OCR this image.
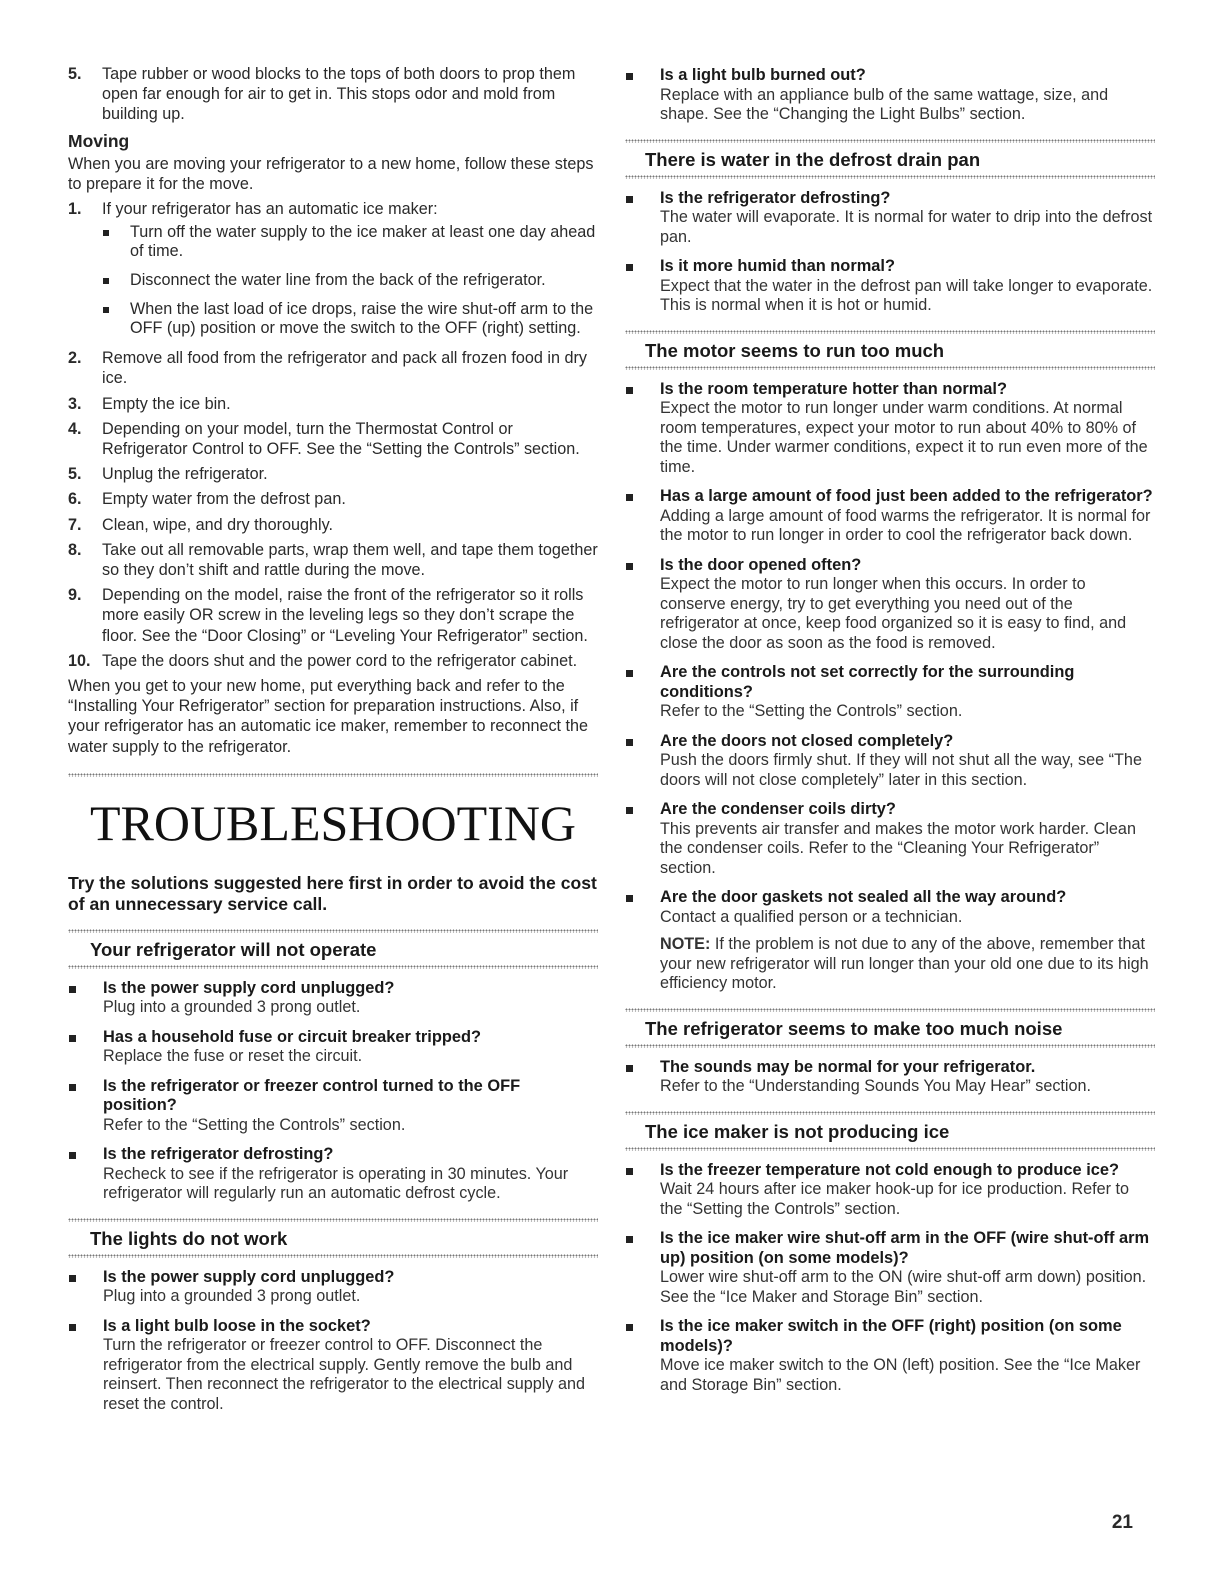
5. Tape rubber or wood blocks to the tops of both doors to prop them open far enough for air to get in. This stops odor and mold from building up.
Moving

When you are moving your refrigerator to a new home, follow these steps to prepare it for the move.

1. If your refrigerator has an automatic ice maker:
Turn off the water supply to the ice maker at least one day ahead of time.
Disconnect the water line from the back of the refrigerator.
When the last load of ice drops, raise the wire shut-off arm to the OFF (up) position or move the switch to the OFF (right) setting.
2. Remove all food from the refrigerator and pack all frozen food in dry ice.
3. Empty the ice bin.
4. Depending on your model, turn the Thermostat Control or Refrigerator Control to OFF. See the “Setting the Controls” section.
5. Unplug the refrigerator.
6. Empty water from the defrost pan.
7. Clean, wipe, and dry thoroughly.
8. Take out all removable parts, wrap them well, and tape them together so they don’t shift and rattle during the move.
9. Depending on the model, raise the front of the refrigerator so it rolls more easily OR screw in the leveling legs so they don’t scrape the floor. See the “Door Closing” or “Leveling Your Refrigerator” section.
10. Tape the doors shut and the power cord to the refrigerator cabinet.

When you get to your new home, put everything back and refer to the “Installing Your Refrigerator” section for preparation instructions. Also, if your refrigerator has an automatic ice maker, remember to reconnect the water supply to the refrigerator.

TROUBLESHOOTING
Try the solutions suggested here first in order to avoid the cost of an unnecessary service call.
Your refrigerator will not operate
Is the power supply cord unplugged?
Plug into a grounded 3 prong outlet.
Has a household fuse or circuit breaker tripped?
Replace the fuse or reset the circuit.
Is the refrigerator or freezer control turned to the OFF position?
Refer to the “Setting the Controls” section.
Is the refrigerator defrosting?
Recheck to see if the refrigerator is operating in 30 minutes. Your refrigerator will regularly run an automatic defrost cycle.
The lights do not work
Is the power supply cord unplugged?
Plug into a grounded 3 prong outlet.
Is a light bulb loose in the socket?
Turn the refrigerator or freezer control to OFF. Disconnect the refrigerator from the electrical supply. Gently remove the bulb and reinsert. Then reconnect the refrigerator to the electrical supply and reset the control.
Is a light bulb burned out?
Replace with an appliance bulb of the same wattage, size, and shape. See the “Changing the Light Bulbs” section.
There is water in the defrost drain pan
Is the refrigerator defrosting?
The water will evaporate. It is normal for water to drip into the defrost pan.
Is it more humid than normal?
Expect that the water in the defrost pan will take longer to evaporate. This is normal when it is hot or humid.
The motor seems to run too much
Is the room temperature hotter than normal?
Expect the motor to run longer under warm conditions. At normal room temperatures, expect your motor to run about 40% to 80% of the time. Under warmer conditions, expect it to run even more of the time.
Has a large amount of food just been added to the refrigerator?
Adding a large amount of food warms the refrigerator. It is normal for the motor to run longer in order to cool the refrigerator back down.
Is the door opened often?
Expect the motor to run longer when this occurs. In order to conserve energy, try to get everything you need out of the refrigerator at once, keep food organized so it is easy to find, and close the door as soon as the food is removed.
Are the controls not set correctly for the surrounding conditions?
Refer to the “Setting the Controls” section.
Are the doors not closed completely?
Push the doors firmly shut. If they will not shut all the way, see “The doors will not close completely” later in this section.
Are the condenser coils dirty?
This prevents air transfer and makes the motor work harder. Clean the condenser coils. Refer to the “Cleaning Your Refrigerator” section.
Are the door gaskets not sealed all the way around?
Contact a qualified person or a technician.
NOTE: If the problem is not due to any of the above, remember that your new refrigerator will run longer than your old one due to its high efficiency motor.
The refrigerator seems to make too much noise
The sounds may be normal for your refrigerator.
Refer to the “Understanding Sounds You May Hear” section.
The ice maker is not producing ice
Is the freezer temperature not cold enough to produce ice?
Wait 24 hours after ice maker hook-up for ice production. Refer to the “Setting the Controls” section.
Is the ice maker wire shut-off arm in the OFF (wire shut-off arm up) position (on some models)?
Lower wire shut-off arm to the ON (wire shut-off arm down) position. See the “Ice Maker and Storage Bin” section.
Is the ice maker switch in the OFF (right) position (on some models)?
Move ice maker switch to the ON (left) position. See the “Ice Maker and Storage Bin” section.
21
